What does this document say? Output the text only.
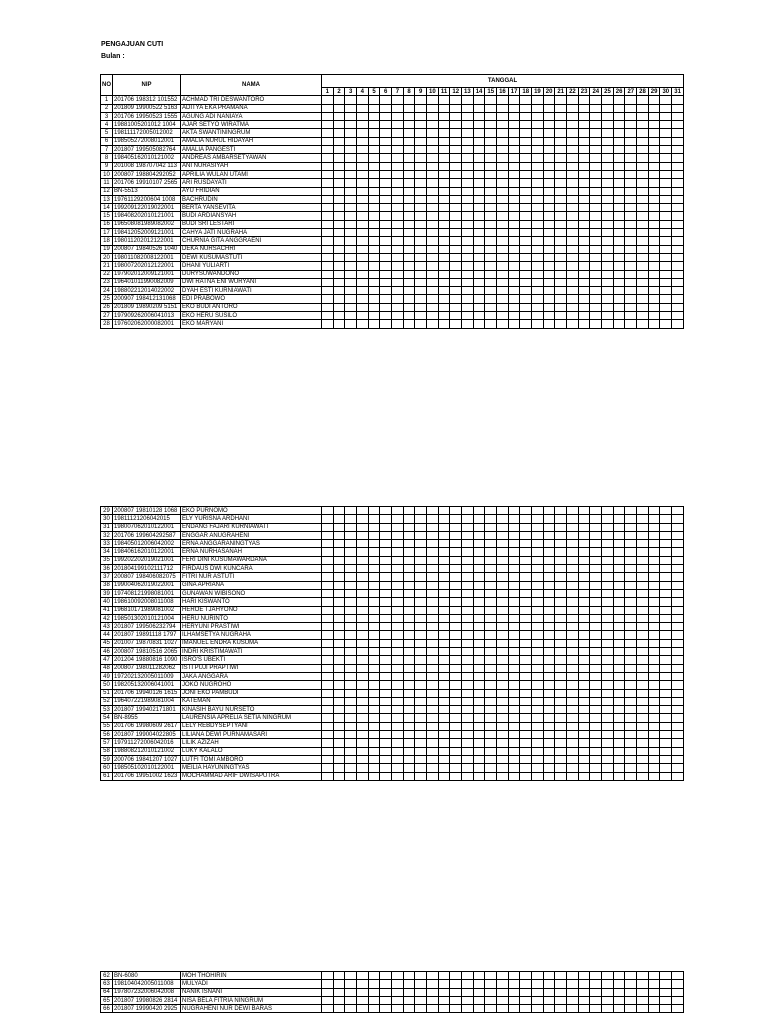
PENGAJUAN CUTI
Bulan :
NO	NIP	NAMA	TANGGAL																														
			1	2	3	4	5	6	7	8	9	10	11	12	13	14	15	16	17	18	19	20	21	22	23	24	25	26	27	28	29	30	31
1	201706 198312 101552	ACHMAD TRI DESWANTORO																															
2	201809 19900522 5163	ADITYA EKA PRAMANA																															
3	201706 19950523 1555	AGUNG ADI NANIAYA																															
4	19881005201012 1004	AJAR SETYO WIRATMA																															
5	198111172005012002	AKTA SWANTININGRUM																															
6	198505272008012001	AMALIA NURUL HIDAYAH																															
7	201807 199505082764	AMALIA PANGESTI																															
8	198405162010121002	ANDREAS AMBARSETYAWAN																															
9	201008 198707042 113	ANI NURASIYAH																															
10	200807 198804292052	APRILIA WULAN UTAMI																															
11	201706 19910107 2565	ARI RUSDAYATI																															
12	BN-5513	AYU FRIDIAN																															
13	19761129200604 1008	BACHRUDIN																															
14	199209122019022001	BERTA YANSEVITA																															
15	198408202010121001	BUDI ARDIANSYAH																															
16	196508081989082002	BUDI SRI LESTARI																															
17	198412052009121001	CAHYA JATI NUGRAHA																															
18	198011202012122001	CHURNIA GITA ANGGRAENI																															
19	200807 19840526 1040	DEKA NURSACHRI																															
20	198011082008122001	DEWI KUSUMASTUTI																															
21	198007202012122001	DHANI YULIARTI																															
22	197902012009121001	DURYSUWANDONO																															
23	196401011990082009	DWI RATNA ENI WURYANI																															
24	198802212014022002	DYAH ESTI KURNIAWATI																															
25	200907 198412131068	EDI PRABOWO																															
26	201809 19890209 5151	EKO BUDI ANTORO																															
27	197909262006041013	EKO HERU SUSILO																															
28	197602062000082001	EKO MARYANI																															
29	200807 19810128 1068	EKO PURNOMO																															
30	19811121206042015	ELY YURISNA ARDHANI																															
31	198007062010122001	ENDANG FAJARI KURNIAWATI																															
32	201706 199604292587	ENGGAR ANUGRAHENI																															
33	198405012006042002	ERNA ANGGARANINGTYAS																															
34	198406162010122001	ERNA NURHASANAH																															
35	199202202019021001	FERI DINI KUSUMAWARDANA																															
36	201804199102111712	FIRDAUS DWI KUNCARA																															
37	200807 198406082075	FITRI NUR ASTUTI																															
38	199004062019022001	GINA APRIANA																															
39	197408121998081001	GUNAWAN WIBISONO																															
40	198610092008011008	HARI KISWANTO																															
41	196810171989081002	HEROE TJAHYONO																															
42	198501302010121004	HERU NURINTO																															
43	201807 199506232794	HERYUNI PRASTIWI																															
44	201807 19891118 1797	ILHAMSETYA NUGRAHA																															
45	201007 19870831 1027	IMANUEL ENDRA KUSUMA																															
46	200807 19810516 2065	INDRI KRISTIMAWATI																															
47	201204 19880816 1090	ISRO'S UBEKTI																															
48	200807 198011282062	ISTI PUJI PRAPTIWI																															
49	197202132005011009	JAKA ANGGARA																															
50	198205132006041001	JOKO NUGROHO																															
51	201706 19940126 1615	JONI EKO PAMBUDI																															
52	196407221989081004	KATEMAN																															
53	201807 199402171801	KINASIH BAYU NURSETO																															
54	BN-8955	LAURENSIA APRELIA SETIA NINGRUM																															
55	201706 19980609 2617	LELY REBDYSEPTYANI																															
56	201807 199004022805	LILIANA DEWI PURNAMASARI																															
57	197911272006042016	LILIK AZIZAH																															
58	198808212010121002	LUKY KALALO																															
59	200706 19841207 1027	LUTFI TOMI AMBORO																															
60	198505102010122001	MEILIA HAYUNINGTYAS																															
61	201706 19951002 1623	MOCHAMMAD ARIF DWISAPUTRA																															
62	BN-6080	MOH THOHIRIN																															
63	198104042005011008	MULYADI																															
64	197807232006042008	NANIK ISNANI																															
65	201807 19980826 2814	NISA BELA FITRIA NINGRUM																															
66	201807 19990420 2925	NUGRAHENI NUR DEWI BARAS																															
